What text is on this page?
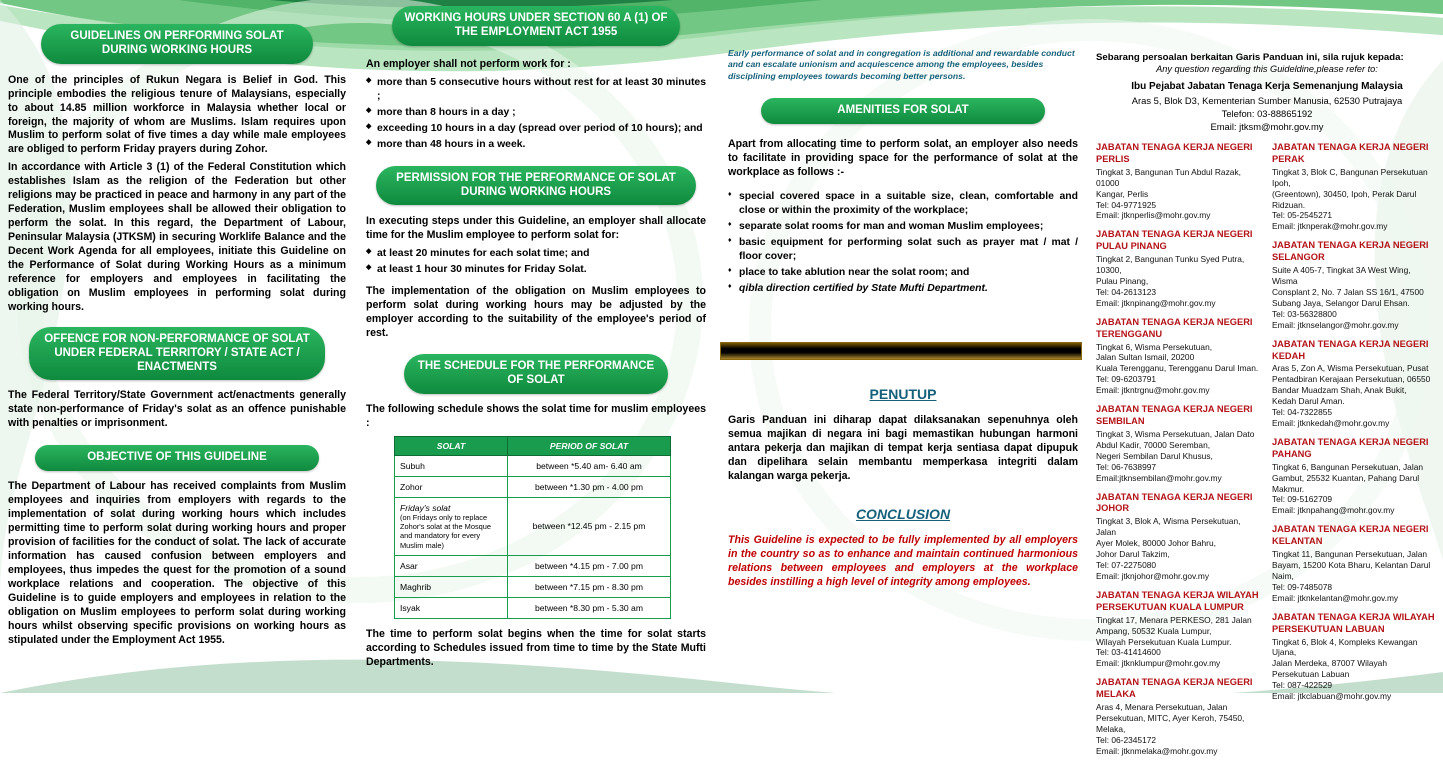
GUIDELINES ON PERFORMING SOLAT DURING WORKING HOURS
One of the principles of Rukun Negara is Belief in God. This principle embodies the religious tenure of Malaysians, especially to about 14.85 million workforce in Malaysia whether local or foreign, the majority of whom are Muslims. Islam requires upon Muslim to perform solat of five times a day while male employees are obliged to perform Friday prayers during Zohor.
In accordance with Article 3 (1) of the Federal Constitution which establishes Islam as the religion of the Federation but other religions may be practiced in peace and harmony in any part of the Federation, Muslim employees shall be allowed their obligation to perform the solat. In this regard, the Department of Labour, Peninsular Malaysia (JTKSM) in securing Worklife Balance and the Decent Work Agenda for all employees, initiate this Guideline on the Performance of Solat during Working Hours as a minimum reference for employers and employees in facilitating the obligation on Muslim employees in performing solat during working hours.
OFFENCE FOR NON-PERFORMANCE OF SOLAT UNDER FEDERAL TERRITORY / STATE ACT / ENACTMENTS
The Federal Territory/State Government act/enactments generally state non-performance of Friday's solat as an offence punishable with penalties or imprisonment.
OBJECTIVE OF THIS GUIDELINE
The Department of Labour has received complaints from Muslim employees and inquiries from employers with regards to the implementation of solat during working hours which includes permitting time to perform solat during working hours and proper provision of facilities for the conduct of solat. The lack of accurate information has caused confusion between employers and employees, thus impedes the quest for the promotion of a sound workplace relations and cooperation. The objective of this Guideline is to guide employers and employees in relation to the obligation on Muslim employees to perform solat during working hours whilst observing specific provisions on working hours as stipulated under the Employment Act 1955.
WORKING HOURS UNDER SECTION 60 A (1) OF THE EMPLOYMENT ACT 1955
An employer shall not perform work for :
◆ more than 5 consecutive hours without rest for at least 30 minutes ;
◆ more than 8 hours in a day ;
◆ exceeding 10 hours in a day (spread over period of 10 hours); and
◆ more than 48 hours in a week.
PERMISSION FOR THE PERFORMANCE OF SOLAT DURING WORKING HOURS
In executing steps under this Guideline, an employer shall allocate time for the Muslim employee to perform solat for:
◆ at least 20 minutes for each solat time; and
◆ at least 1 hour 30 minutes for Friday Solat.
The implementation of the obligation on Muslim employees to perform solat during working hours may be adjusted by the employer according to the suitability of the employee's period of rest.
THE SCHEDULE FOR THE PERFORMANCE OF SOLAT
The following schedule shows the solat time for muslim employees :
SOLAT	PERIOD OF SOLAT
Subuh	between *5.40 am- 6.40 am
Zohor	between *1.30 pm - 4.00 pm

Friday's solat
(on Fridays only to replace Zohor's solat at the Mosque and mandatory for every Muslim male)	between *12.45 pm - 2.15 pm
Asar	between *4.15 pm - 7.00 pm
Maghrib	between *7.15 pm - 8.30 pm
Isyak	between *8.30 pm - 5.30 am
The time to perform solat begins when the time for solat starts according to Schedules issued from time to time by the State Mufti Departments.
Early performance of solat and in congregation is additional and rewardable conduct and can escalate unionism and acquiescence among the employees, besides disciplining employees towards becoming better persons.
AMENITIES FOR SOLAT
Apart from allocating time to perform solat, an employer also needs to facilitate in providing space for the performance of solat at the workplace as follows :-
♦ special covered space in a suitable size, clean, comfortable and close or within the proximity of the workplace;
♦ separate solat rooms for man and woman Muslim employees;
♦ basic equipment for performing solat such as prayer mat / mat / floor cover;
♦ place to take ablution near the solat room; and
♦ qibla direction certified by State Mufti Department.
PENUTUP
Garis Panduan ini diharap dapat dilaksanakan sepenuhnya oleh semua majikan di negara ini bagi memastikan hubungan harmoni antara pekerja dan majikan di tempat kerja sentiasa dapat dipupuk dan dipelihara selain membantu memperkasa integriti dalam kalangan warga pekerja.
CONCLUSION
This Guideline is expected to be fully implemented by all employers in the country so as to enhance and maintain continued harmonious relations between employees and employers at the workplace besides instilling a high level of integrity among employees.
Sebarang persoalan berkaitan Garis Panduan ini, sila rujuk kepada:
Any question regarding this Guideldine,please refer to:
Ibu Pejabat Jabatan Tenaga Kerja Semenanjung Malaysia
Aras 5, Blok D3, Kementerian Sumber Manusia, 62530 Putrajaya
Telefon: 03-88865192
Email: jtksm@mohr.gov.my
JABATAN TENAGA KERJA NEGERI PERLIS
Tingkat 3, Bangunan Tun Abdul Razak, 01000
Kangar, Perlis
Tel: 04-9771925
Email: jtknperlis@mohr.gov.my
JABATAN TENAGA KERJA NEGERI PULAU PINANG
Tingkat 2, Bangunan Tunku Syed Putra, 10300,
Pulau Pinang,
Tel: 04-2613123
Email: jtknpinang@mohr.gov.my
JABATAN TENAGA KERJA NEGERI TERENGGANU
Tingkat 6, Wisma Persekutuan,
Jalan Sultan Ismail, 20200
Kuala Terengganu, Terengganu Darul Iman.
Tel: 09-6203791
Email: jtkntrgnu@mohr.gov.my
JABATAN TENAGA KERJA NEGERI SEMBILAN
Tingkat 3, Wisma Persekutuan, Jalan Dato
Abdul Kadir, 70000 Seremban,
Negeri Sembilan Darul Khusus,
Tel: 06-7638997
Email:jtknsembilan@mohr.gov.my
JABATAN TENAGA KERJA NEGERI JOHOR
Tingkat 3, Blok A, Wisma Persekutuan, Jalan
Ayer Molek, 80000 Johor Bahru,
Johor Darul Takzim,
Tel: 07-2275080
Email: jtknjohor@mohr.gov.my
JABATAN TENAGA KERJA WILAYAH PERSEKUTUAN KUALA LUMPUR
Tingkat 17, Menara PERKESO, 281 Jalan
Ampang, 50532 Kuala Lumpur,
Wilayah Persekutuan Kuala Lumpur.
Tel: 03-41414600
Email: jtknklumpur@mohr.gov.my
JABATAN TENAGA KERJA NEGERI MELAKA
Aras 4, Menara Persekutuan, Jalan
Persekutuan, MITC, Ayer Keroh, 75450, Melaka,
Tel: 06-2345172
Email: jtknmelaka@mohr.gov.my
JABATAN TENAGA KERJA NEGERI PERAK
Tingkat 3, Blok C, Bangunan Persekutuan Ipoh,
(Greentown), 30450, Ipoh, Perak Darul Ridzuan.
Tel: 05-2545271
Email: jtknperak@mohr.gov.my
JABATAN TENAGA KERJA NEGERI SELANGOR
Suite A 405-7, Tingkat 3A West Wing, Wisma
Consplant 2, No. 7 Jalan SS 16/1, 47500
Subang Jaya, Selangor Darul Ehsan.
Tel: 03-56328800
Email: jtknselangor@mohr.gov.my
JABATAN TENAGA KERJA NEGERI KEDAH
Aras 5, Zon A, Wisma Persekutuan, Pusat
Pentadbiran Kerajaan Persekutuan, 06550
Bandar Muadzam Shah, Anak Bukit,
Kedah Darul Aman.
Tel: 04-7322855
Email: jtknkedah@mohr.gov.my
JABATAN TENAGA KERJA NEGERI PAHANG
Tingkat 6, Bangunan Persekutuan, Jalan
Gambut, 25532 Kuantan, Pahang Darul Makmur.
Tel: 09-5162709
Email: jtknpahang@mohr.gov.my
JABATAN TENAGA KERJA NEGERI KELANTAN
Tingkat 11, Bangunan Persekutuan, Jalan
Bayam, 15200 Kota Bharu, Kelantan Darul Naim,
Tel: 09-7485078
Email: jtknkelantan@mohr.gov.my
JABATAN TENAGA KERJA WILAYAH PERSEKUTUAN LABUAN
Tingkat 6, Blok 4, Kompleks Kewangan Ujana,
Jalan Merdeka, 87007 Wilayah Persekutuan Labuan
Tel: 087-422529
Email: jtkclabuan@mohr.gov.my
